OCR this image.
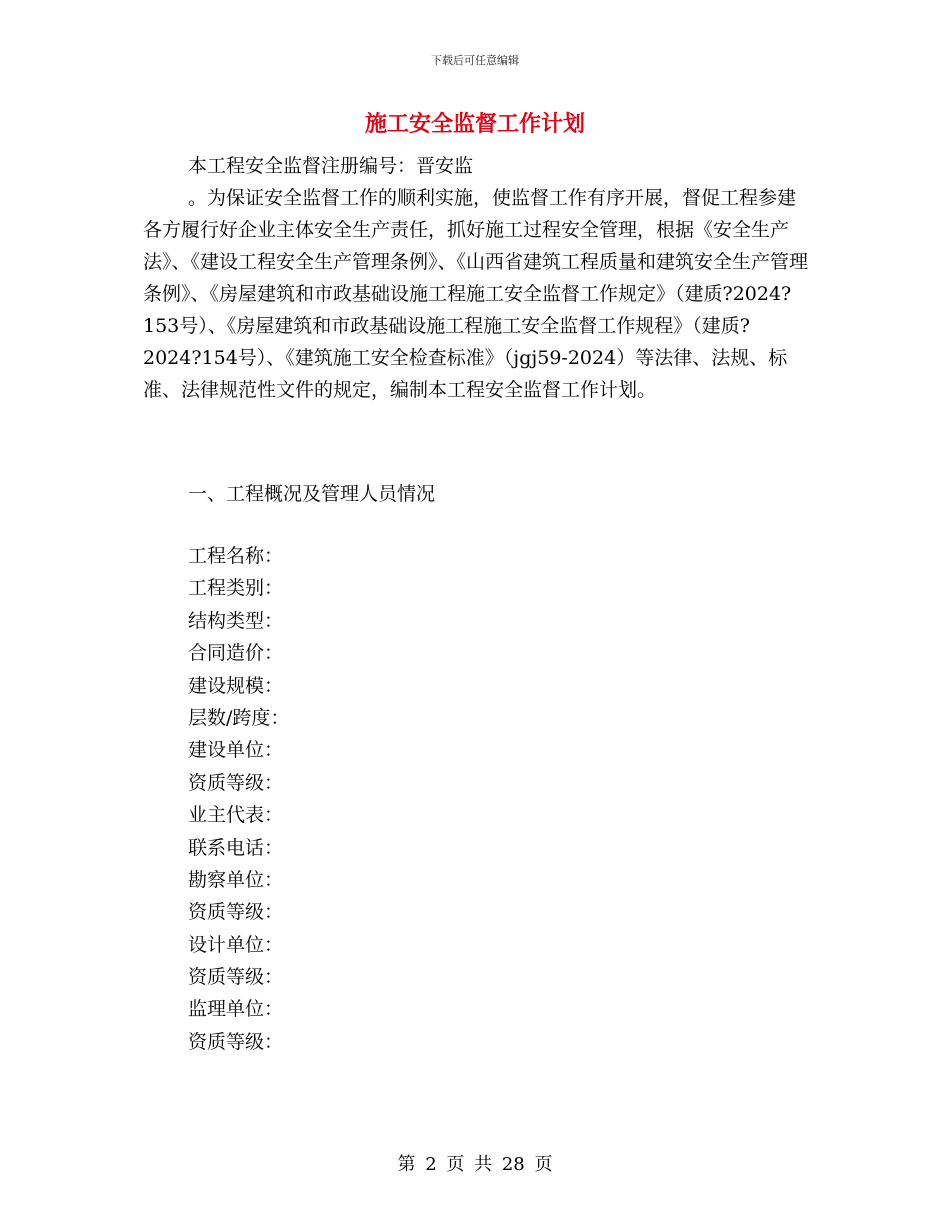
下载后可任意编辑
施工安全监督工作计划

本工程安全监督注册编号：晋安监

。为保证安全监督工作的顺利实施，使监督工作有序开展，督促工程参建各方履行好企业主体安全生产责任，抓好施工过程安全管理，根据《安全生产法》、《建设工程安全生产管理条例》、《山西省建筑工程质量和建筑安全生产管理条例》、《房屋建筑和市政基础设施工程施工安全监督工作规定》（建质?2024?153号）、《房屋建筑和市政基础设施工程施工安全监督工作规程》（建质?2024?154号）、《建筑施工安全检查标准》（jgj59-2024）等法律、法规、标准、法律规范性文件的规定，编制本工程安全监督工作计划。

一、工程概况及管理人员情况

工程名称：
工程类别：
结构类型：
合同造价：
建设规模：
层数/跨度：
建设单位：
资质等级：
业主代表：
联系电话：
勘察单位：
资质等级：
设计单位：
资质等级：
监理单位：
资质等级：
第 2 页 共 28 页
